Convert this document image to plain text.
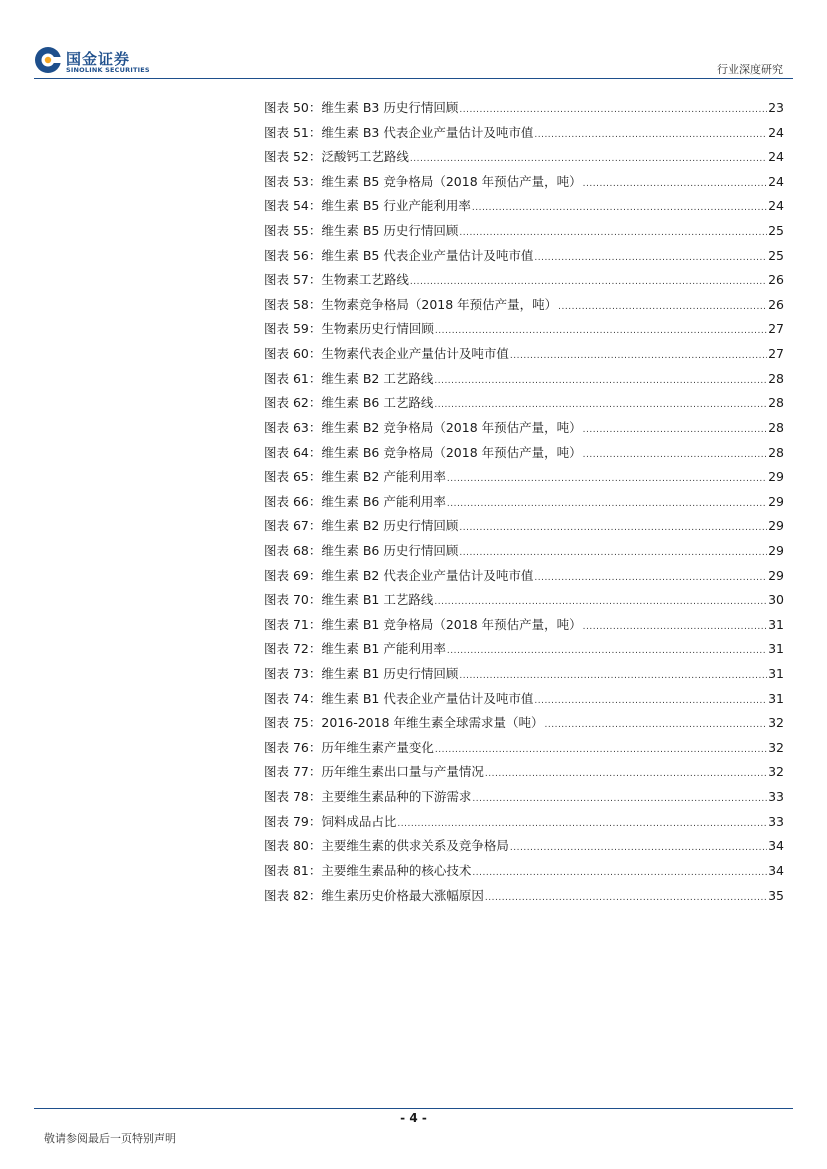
国金证券
SINOLINK SECURITIES	行业深度研究
图表 50：维生素 B3 历史行情回顾 .....	23
图表 51：维生素 B3 代表企业产量估计及吨市值 .....	24
图表 52：泛酸钙工艺路线 .....	24
图表 53：维生素 B5 竞争格局（2018 年预估产量，吨） .....	24
图表 54：维生素 B5 行业产能利用率 .....	24
图表 55：维生素 B5 历史行情回顾 .....	25
图表 56：维生素 B5 代表企业产量估计及吨市值 .....	25
图表 57：生物素工艺路线 .....	26
图表 58：生物素竞争格局（2018 年预估产量，吨） .....	26
图表 59：生物素历史行情回顾 .....	27
图表 60：生物素代表企业产量估计及吨市值 .....	27
图表 61：维生素 B2 工艺路线 .....	28
图表 62：维生素 B6 工艺路线 .....	28
图表 63：维生素 B2 竞争格局（2018 年预估产量，吨） .....	28
图表 64：维生素 B6 竞争格局（2018 年预估产量，吨） .....	28
图表 65：维生素 B2 产能利用率 .....	29
图表 66：维生素 B6 产能利用率 .....	29
图表 67：维生素 B2 历史行情回顾 .....	29
图表 68：维生素 B6 历史行情回顾 .....	29
图表 69：维生素 B2 代表企业产量估计及吨市值 .....	29
图表 70：维生素 B1 工艺路线 .....	30
图表 71：维生素 B1 竞争格局（2018 年预估产量，吨） .....	31
图表 72：维生素 B1 产能利用率 .....	31
图表 73：维生素 B1 历史行情回顾 .....	31
图表 74：维生素 B1 代表企业产量估计及吨市值 .....	31
图表 75：2016-2018 年维生素全球需求量（吨） .....	32
图表 76：历年维生素产量变化 .....	32
图表 77：历年维生素出口量与产量情况 .....	32
图表 78：主要维生素品种的下游需求 .....	33
图表 79：饲料成品占比 .....	33
图表 80：主要维生素的供求关系及竞争格局 .....	34
图表 81：主要维生素品种的核心技术 .....	34
图表 82：维生素历史价格最大涨幅原因 .....	35
- 4 -
敬请参阅最后一页特别声明
